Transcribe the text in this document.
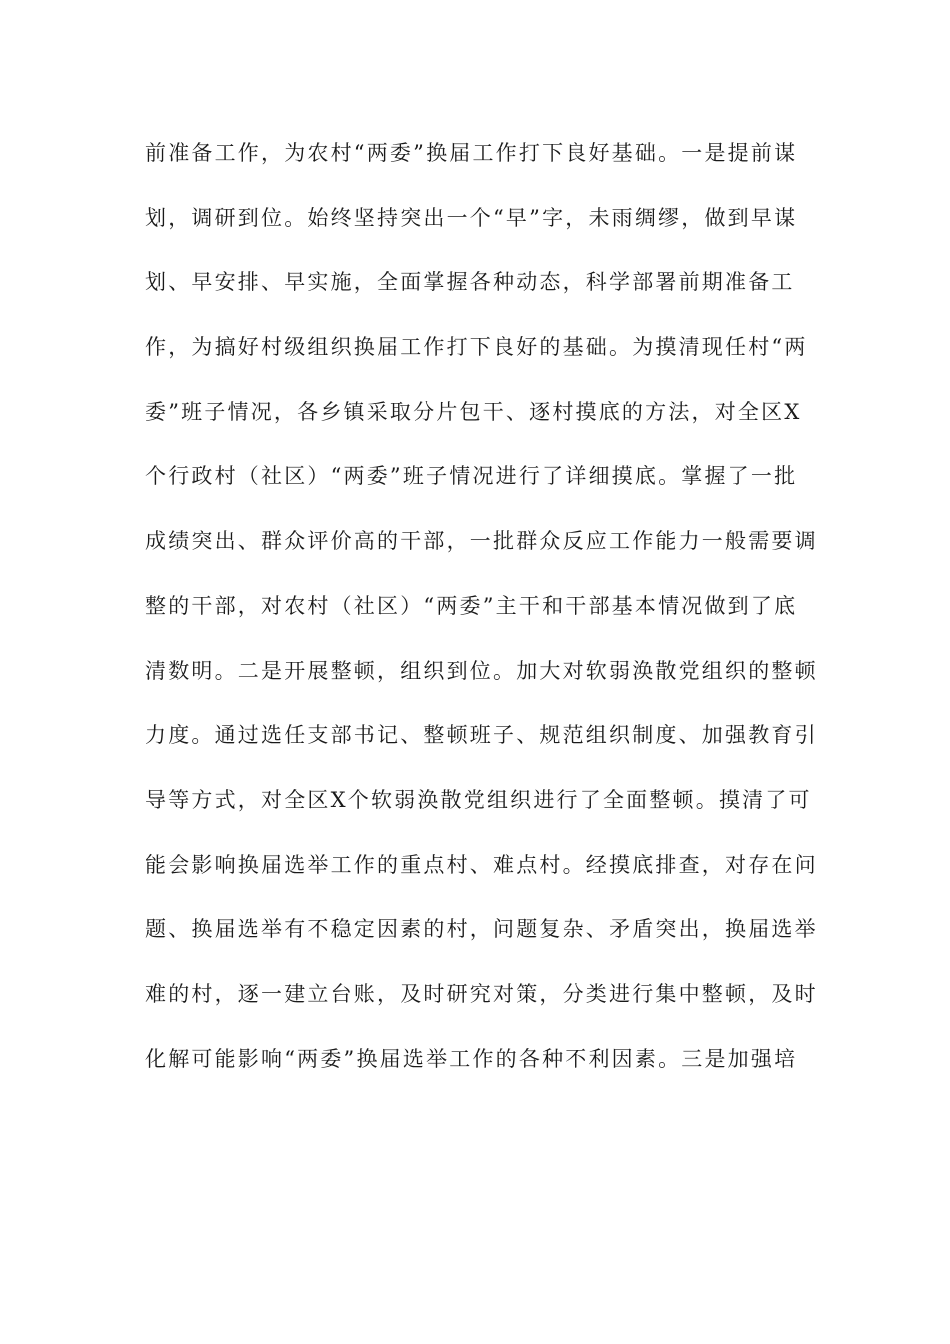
前准备工作，为农村“两委”换届工作打下良好基础。一是提前谋
划，调研到位。始终坚持突出一个“早”字，未雨绸缪，做到早谋
划、早安排、早实施，全面掌握各种动态，科学部署前期准备工
作，为搞好村级组织换届工作打下良好的基础。为摸清现任村“两
委”班子情况，各乡镇采取分片包干、逐村摸底的方法，对全区X
个行政村（社区）“两委”班子情况进行了详细摸底。掌握了一批
成绩突出、群众评价高的干部，一批群众反应工作能力一般需要调
整的干部，对农村（社区）“两委”主干和干部基本情况做到了底
清数明。二是开展整顿，组织到位。加大对软弱涣散党组织的整顿
力度。通过选任支部书记、整顿班子、规范组织制度、加强教育引
导等方式，对全区X个软弱涣散党组织进行了全面整顿。摸清了可
能会影响换届选举工作的重点村、难点村。经摸底排查，对存在问
题、换届选举有不稳定因素的村，问题复杂、矛盾突出，换届选举
难的村，逐一建立台账，及时研究对策，分类进行集中整顿，及时
化解可能影响“两委”换届选举工作的各种不利因素。三是加强培
